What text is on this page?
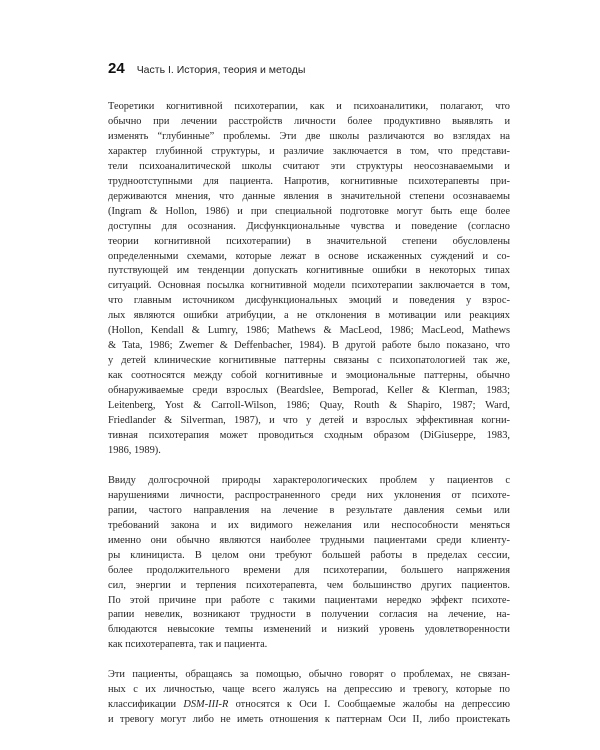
24 Часть I. История, теория и методы

Теоретики когнитивной психотерапии, как и психоаналитики, полагают, что
обычно при лечении расстройств личности более продуктивно выявлять и
изменять “глубинные” проблемы. Эти две школы различаются во взглядах на
характер глубинной структуры, и различие заключается в том, что представи-
тели психоаналитической школы считают эти структуры неосознаваемыми и
трудноотступными для пациента. Напротив, когнитивные психотерапевты при-
держиваются мнения, что данные явления в значительной степени осознаваемы
(Ingram & Hollon, 1986) и при специальной подготовке могут быть еще более
доступны для осознания. Дисфункциональные чувства и поведение (согласно
теории когнитивной психотерапии) в значительной степени обусловлены
определенными схемами, которые лежат в основе искаженных суждений и со-
путствующей им тенденции допускать когнитивные ошибки в некоторых типах
ситуаций. Основная посылка когнитивной модели психотерапии заключается в том,
что главным источником дисфункциональных эмоций и поведения у взрос-
лых являются ошибки атрибуции, а не отклонения в мотивации или реакциях
(Hollon, Kendall & Lumry, 1986; Mathews & MacLeod, 1986; MacLeod, Mathews
& Tata, 1986; Zwemer & Deffenbacher, 1984). В другой работе было показано, что
у детей клинические когнитивные паттерны связаны с психопатологией так же,
как соотносятся между собой когнитивные и эмоциональные паттерны, обычно
обнаруживаемые среди взрослых (Beardslee, Bemporad, Keller & Klerman, 1983;
Leitenberg, Yost & Carroll-Wilson, 1986; Quay, Routh & Shapiro, 1987; Ward,
Friedlander & Silverman, 1987), и что у детей и взрослых эффективная когни-
тивная психотерапия может проводиться сходным образом (DiGiuseppe, 1983,
1986, 1989).

Ввиду долгосрочной природы характерологических проблем у пациентов с
нарушениями личности, распространенного среди них уклонения от психоте-
рапии, частого направления на лечение в результате давления семьи или
требований закона и их видимого нежелания или неспособности меняться
именно они обычно являются наиболее трудными пациентами среди клиенту-
ры клинициста. В целом они требуют большей работы в пределах сессии,
более продолжительного времени для психотерапии, большего напряжения
сил, энергии и терпения психотерапевта, чем большинство других пациентов.
По этой причине при работе с такими пациентами нередко эффект психоте-
рапии невелик, возникают трудности в получении согласия на лечение, на-
блюдаются невысокие темпы изменений и низкий уровень удовлетворенности
как психотерапевта, так и пациента.

Эти пациенты, обращаясь за помощью, обычно говорят о проблемах, не связан-
ных с их личностью, чаще всего жалуясь на депрессию и тревогу, которые по
классификации DSM-III-R относятся к Оси I. Сообщаемые жалобы на депрессию
и тревогу могут либо не иметь отношения к паттернам Оси II, либо проистекать
